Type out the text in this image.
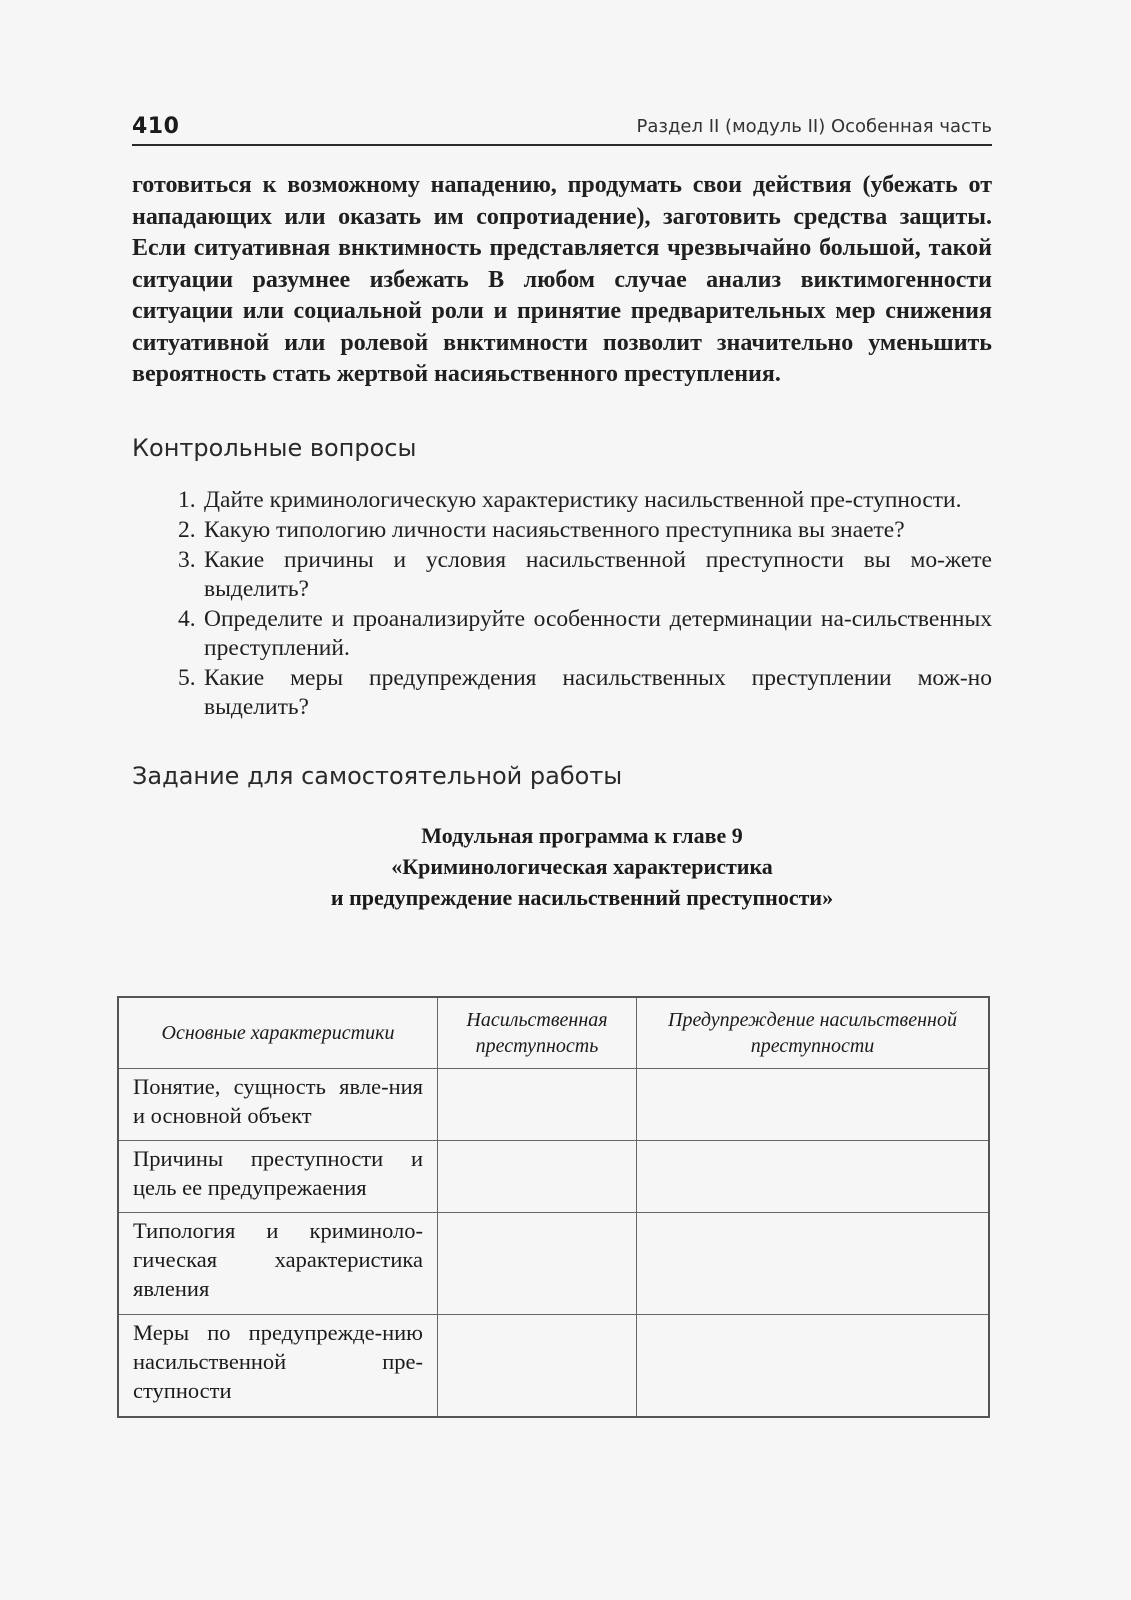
410	Раздел II (модуль II) Особенная часть

готовиться к возможному нападению, продумать свои действия (убежать от нападающих или оказать им сопротиадение), заготовить средства защиты. Если ситуативная внктимность представляется чрезвычайно большой, такой ситуации разумнее избежать В любом случае анализ виктимогенности ситуации или социальной роли и принятие предварительных мер снижения ситуативной или ролевой внктимности позволит значительно уменьшить вероятность стать жертвой насияьственного преступления.

Контрольные вопросы
1. Дайте криминологическую характеристику насильственной пре-ступности.
2. Какую типологию личности насияьственного преступника вы знаете?
3. Какие причины и условия насильственной преступности вы мо-жете выделить?
4. Определите и проанализируйте особенности детерминации на-сильственных преступлений.
5. Какие меры предупреждения насильственных преступлении мож-но выделить?
Задание для самостоятельной работы
Модульная программа к главе 9
«Криминологическая характеристика
и предупреждение насильственний преступности»
Основные характеристики	Насильственная преступность	Предупреждение насильственной преступности
Понятие, сущность явле-ния и основной объект		
Причины преступности и цель ее предупрежаения		
Типология и криминоло-гическая характеристика явления		
Меры по предупрежде-нию насильственной пре-ступности		
